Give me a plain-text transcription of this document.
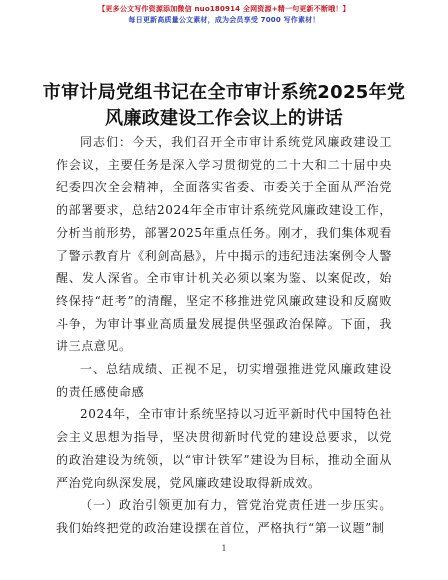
【更多公文写作资源添加微信 nuo180914 全网资源+精一句更新不断哦！】
每日更新高质量公文素材，成为会员享受 7000 写作素材！
市审计局党组书记在全市审计系统2025年党风廉政建设工作会议上的讲话

同志们：今天，我们召开全市审计系统党风廉政建设工作会议，主要任务是深入学习贯彻党的二十大和二十届中央纪委四次全会精神，全面落实省委、市委关于全面从严治党的部署要求，总结2024年全市审计系统党风廉政建设工作，分析当前形势，部署2025年重点任务。刚才，我们集体观看了警示教育片《利剑高悬》，片中揭示的违纪违法案例令人警醒、发人深省。全市审计机关必须以案为鉴、以案促改，始终保持“赶考”的清醒，坚定不移推进党风廉政建设和反腐败斗争，为审计事业高质量发展提供坚强政治保障。下面，我讲三点意见。

一、总结成绩、正视不足，切实增强推进党风廉政建设的责任感使命感

2024年，全市审计系统坚持以习近平新时代中国特色社会主义思想为指导，坚决贯彻新时代党的建设总要求，以党的政治建设为统领，以“审计铁军”建设为目标，推动全面从严治党向纵深发展，党风廉政建设取得新成效。

（一）政治引领更加有力，管党治党责任进一步压实。我们始终把党的政治建设摆在首位，严格执行“第一议题”制

1
